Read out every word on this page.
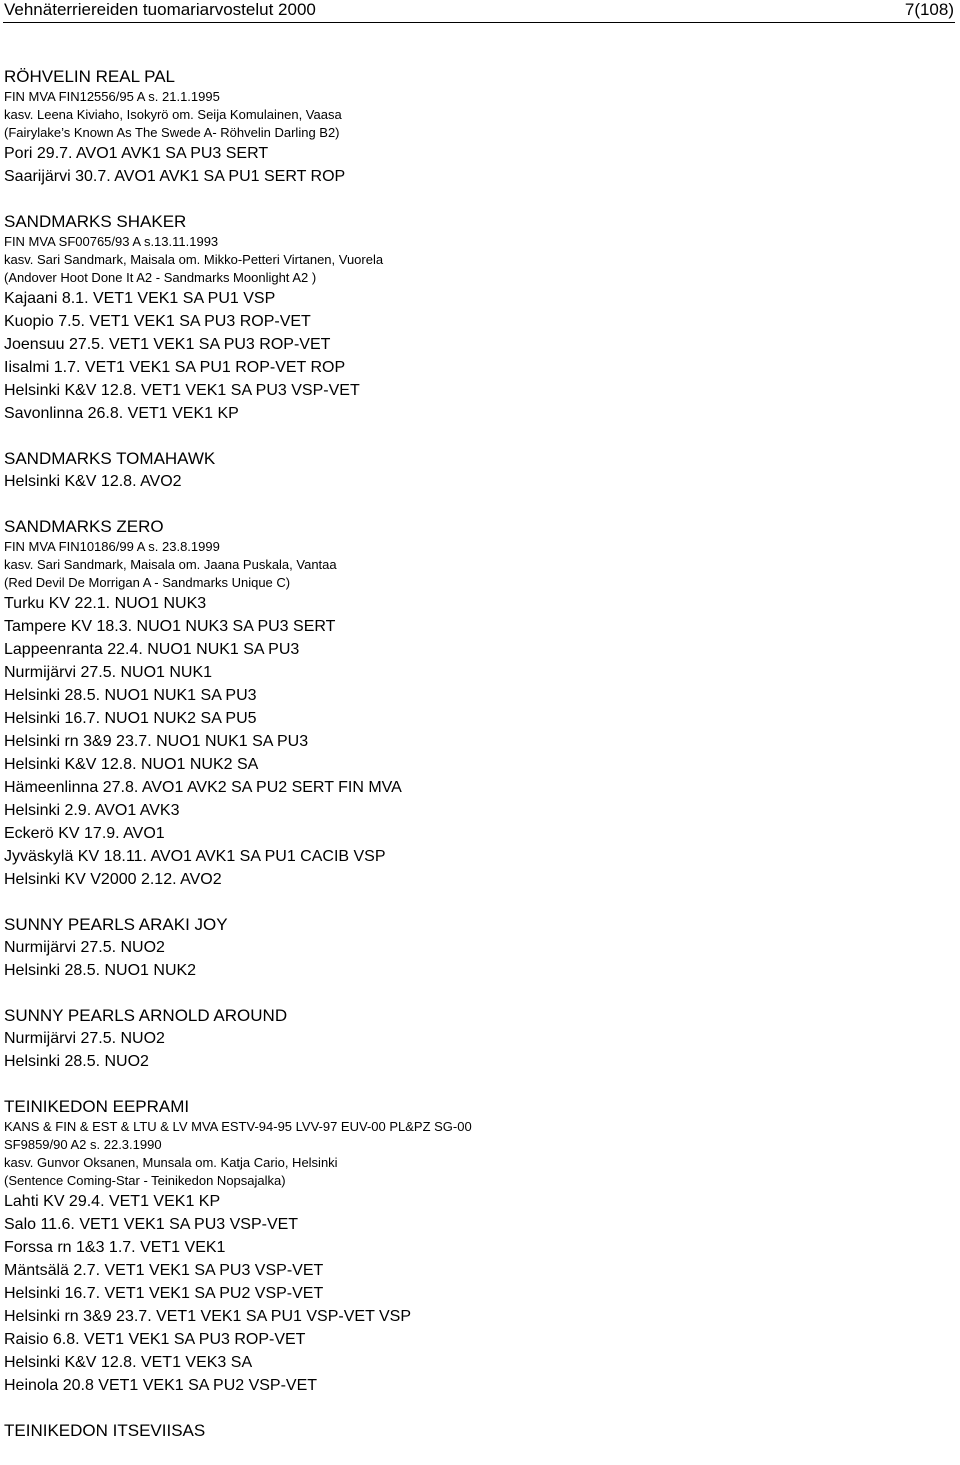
Vehnäterriereiden tuomariarvostelut 2000	7(108)
RÖHVELIN REAL PAL
FIN MVA FIN12556/95 A s. 21.1.1995
kasv. Leena Kiviaho, Isokyrö om. Seija Komulainen, Vaasa
(Fairylake’s Known As The Swede A- Röhvelin Darling B2)
Pori 29.7. AVO1 AVK1 SA PU3 SERT
Saarijärvi 30.7. AVO1 AVK1 SA PU1 SERT ROP
SANDMARKS SHAKER
FIN MVA SF00765/93 A s.13.11.1993
kasv. Sari Sandmark, Maisala om. Mikko-Petteri Virtanen, Vuorela
(Andover Hoot Done It A2 - Sandmarks Moonlight A2 )
Kajaani 8.1. VET1 VEK1 SA PU1 VSP
Kuopio 7.5. VET1 VEK1 SA PU3 ROP-VET
Joensuu 27.5. VET1 VEK1 SA PU3 ROP-VET
Iisalmi 1.7. VET1 VEK1 SA PU1 ROP-VET ROP
Helsinki K&V 12.8. VET1 VEK1 SA PU3 VSP-VET
Savonlinna 26.8. VET1 VEK1 KP
SANDMARKS TOMAHAWK
Helsinki K&V 12.8. AVO2
SANDMARKS ZERO
FIN MVA FIN10186/99 A s. 23.8.1999
kasv. Sari Sandmark, Maisala om. Jaana Puskala, Vantaa
(Red Devil De Morrigan A - Sandmarks Unique C)
Turku KV 22.1. NUO1 NUK3
Tampere KV 18.3. NUO1 NUK3 SA PU3 SERT
Lappeenranta 22.4. NUO1 NUK1 SA PU3
Nurmijärvi 27.5. NUO1 NUK1
Helsinki 28.5. NUO1 NUK1 SA PU3
Helsinki 16.7. NUO1 NUK2 SA PU5
Helsinki rn 3&9 23.7. NUO1 NUK1 SA PU3
Helsinki K&V 12.8. NUO1 NUK2 SA
Hämeenlinna 27.8. AVO1 AVK2 SA PU2 SERT FIN MVA
Helsinki 2.9. AVO1 AVK3
Eckerö KV 17.9. AVO1
Jyväskylä KV 18.11. AVO1 AVK1 SA PU1 CACIB VSP
Helsinki KV V2000 2.12. AVO2
SUNNY PEARLS ARAKI JOY
Nurmijärvi 27.5. NUO2
Helsinki 28.5. NUO1 NUK2
SUNNY PEARLS ARNOLD AROUND
Nurmijärvi 27.5. NUO2
Helsinki 28.5. NUO2
TEINIKEDON EEPRAMI
KANS & FIN & EST & LTU & LV MVA ESTV-94-95 LVV-97 EUV-00 PL&PZ SG-00
SF9859/90 A2 s. 22.3.1990
kasv. Gunvor Oksanen, Munsala om. Katja Cario, Helsinki
(Sentence Coming-Star - Teinikedon Nopsajalka)
Lahti KV 29.4. VET1 VEK1 KP
Salo 11.6. VET1 VEK1 SA PU3 VSP-VET
Forssa rn 1&3 1.7. VET1 VEK1
Mäntsälä 2.7. VET1 VEK1 SA PU3 VSP-VET
Helsinki 16.7. VET1 VEK1 SA PU2 VSP-VET
Helsinki rn 3&9 23.7. VET1 VEK1 SA PU1 VSP-VET VSP
Raisio 6.8. VET1 VEK1 SA PU3 ROP-VET
Helsinki K&V 12.8. VET1 VEK3 SA
Heinola 20.8 VET1 VEK1 SA PU2 VSP-VET
TEINIKEDON ITSEVIISAS
